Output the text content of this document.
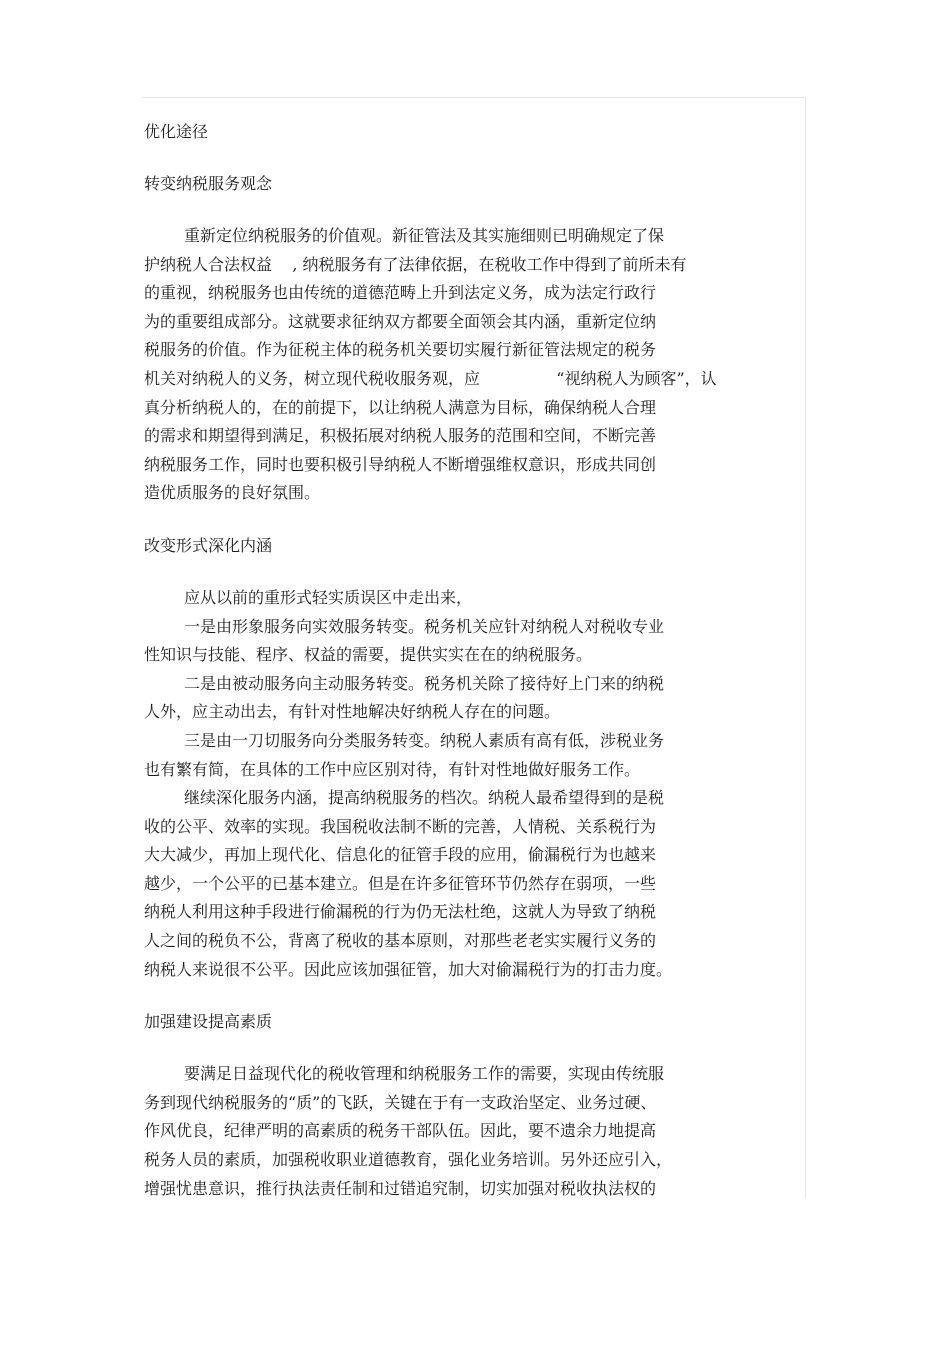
优化途径
转变纳税服务观念
重新定位纳税服务的价值观。新征管法及其实施细则已明确规定了保
护纳税人合法权益    , 纳税服务有了法律依据，在税收工作中得到了前所未有
的重视，纳税服务也由传统的道德范畴上升到法定义务，成为法定行政行
为的重要组成部分。这就要求征纳双方都要全面领会其内涵，重新定位纳
税服务的价值。作为征税主体的税务机关要切实履行新征管法规定的税务
机关对纳税人的义务，树立现代税收服务观，应               “视纳税人为顾客”，认
真分析纳税人的，在的前提下，以让纳税人满意为目标，确保纳税人合理
的需求和期望得到满足，积极拓展对纳税人服务的范围和空间，不断完善
纳税服务工作，同时也要积极引导纳税人不断增强维权意识，形成共同创
造优质服务的良好氛围。
改变形式深化内涵
应从以前的重形式轻实质误区中走出来，
一是由形象服务向实效服务转变。税务机关应针对纳税人对税收专业
性知识与技能、程序、权益的需要，提供实实在在的纳税服务。
二是由被动服务向主动服务转变。税务机关除了接待好上门来的纳税
人外，应主动出去，有针对性地解决好纳税人存在的问题。
三是由一刀切服务向分类服务转变。纳税人素质有高有低，涉税业务
也有繁有简，在具体的工作中应区别对待，有针对性地做好服务工作。
继续深化服务内涵，提高纳税服务的档次。纳税人最希望得到的是税
收的公平、效率的实现。我国税收法制不断的完善，人情税、关系税行为
大大减少，再加上现代化、信息化的征管手段的应用，偷漏税行为也越来
越少，一个公平的已基本建立。但是在许多征管环节仍然存在弱项，一些
纳税人利用这种手段进行偷漏税的行为仍无法杜绝，这就人为导致了纳税
人之间的税负不公，背离了税收的基本原则，对那些老老实实履行义务的
纳税人来说很不公平。因此应该加强征管，加大对偷漏税行为的打击力度。
加强建设提高素质
要满足日益现代化的税收管理和纳税服务工作的需要，实现由传统服
务到现代纳税服务的“质”的飞跃，关键在于有一支政治坚定、业务过硬、
作风优良，纪律严明的高素质的税务干部队伍。因此，要不遗余力地提高
税务人员的素质，加强税收职业道德教育，强化业务培训。另外还应引入，
增强忧患意识，推行执法责任制和过错追究制，切实加强对税收执法权的
